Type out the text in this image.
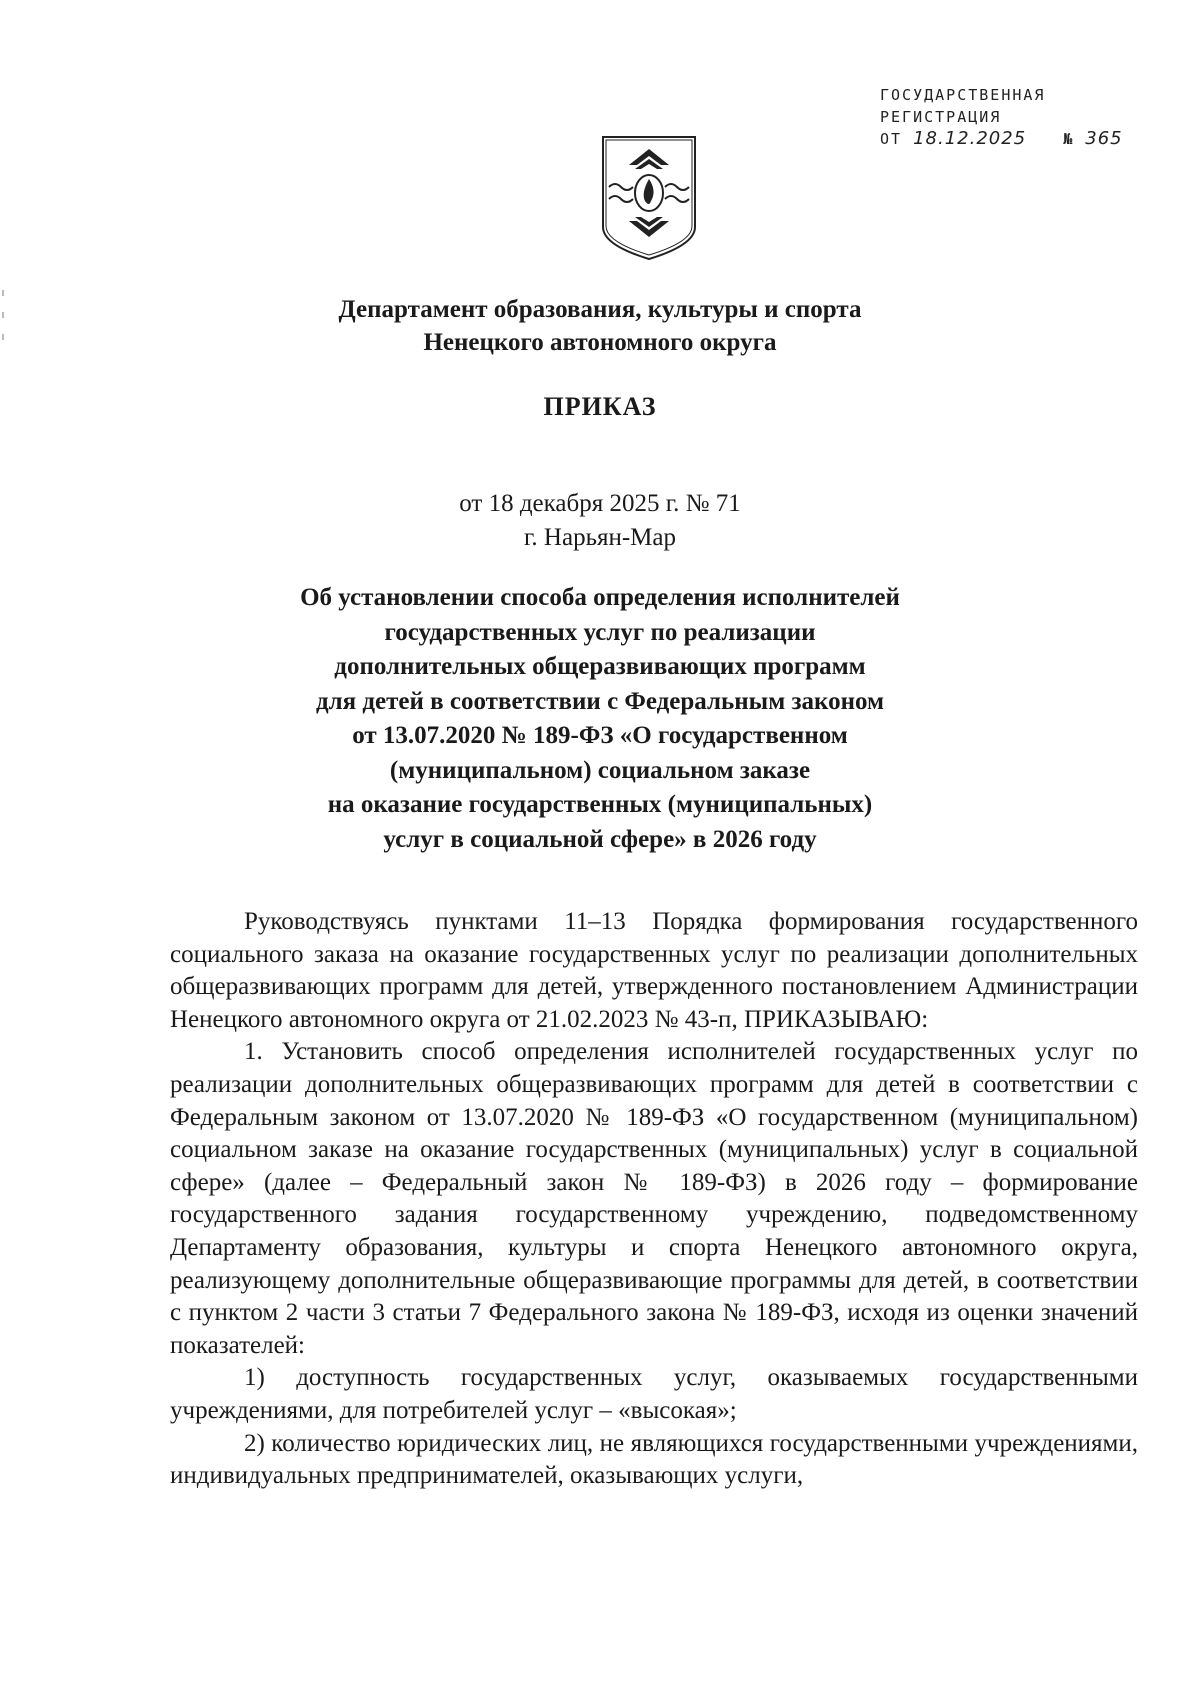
ГОСУДАРСТВЕННАЯ
РЕГИСТРАЦИЯ
ОТ 18.12.2025 № 365
Департамент образования, культуры и спорта
Ненецкого автономного округа
ПРИКАЗ
от 18 декабря 2025 г. № 71
г. Нарьян-Мар
Об установлении способа определения исполнителей
государственных услуг по реализации
дополнительных общеразвивающих программ
для детей в соответствии с Федеральным законом
от 13.07.2020 № 189-ФЗ «О государственном
(муниципальном) социальном заказе
на оказание государственных (муниципальных)
услуг в социальной сфере» в 2026 году

Руководствуясь пунктами 11–13 Порядка формирования государственного социального заказа на оказание государственных услуг по реализации дополнительных общеразвивающих программ для детей, утвержденного постановлением Администрации Ненецкого автономного округа от 21.02.2023 № 43-п, ПРИКАЗЫВАЮ:

1. Установить способ определения исполнителей государственных услуг по реализации дополнительных общеразвивающих программ для детей в соответствии с Федеральным законом от 13.07.2020 № 189-ФЗ «О государственном (муниципальном) социальном заказе на оказание государственных (муниципальных) услуг в социальной сфере» (далее – Федеральный закон № 189-ФЗ) в 2026 году – формирование государственного задания государственному учреждению, подведомственному Департаменту образования, культуры и спорта Ненецкого автономного округа, реализующему дополнительные общеразвивающие программы для детей, в соответствии с пунктом 2 части 3 статьи 7 Федерального закона № 189-ФЗ, исходя из оценки значений показателей:

1) доступность государственных услуг, оказываемых государственными учреждениями, для потребителей услуг – «высокая»;

2) количество юридических лиц, не являющихся государственными учреждениями, индивидуальных предпринимателей, оказывающих услуги,
